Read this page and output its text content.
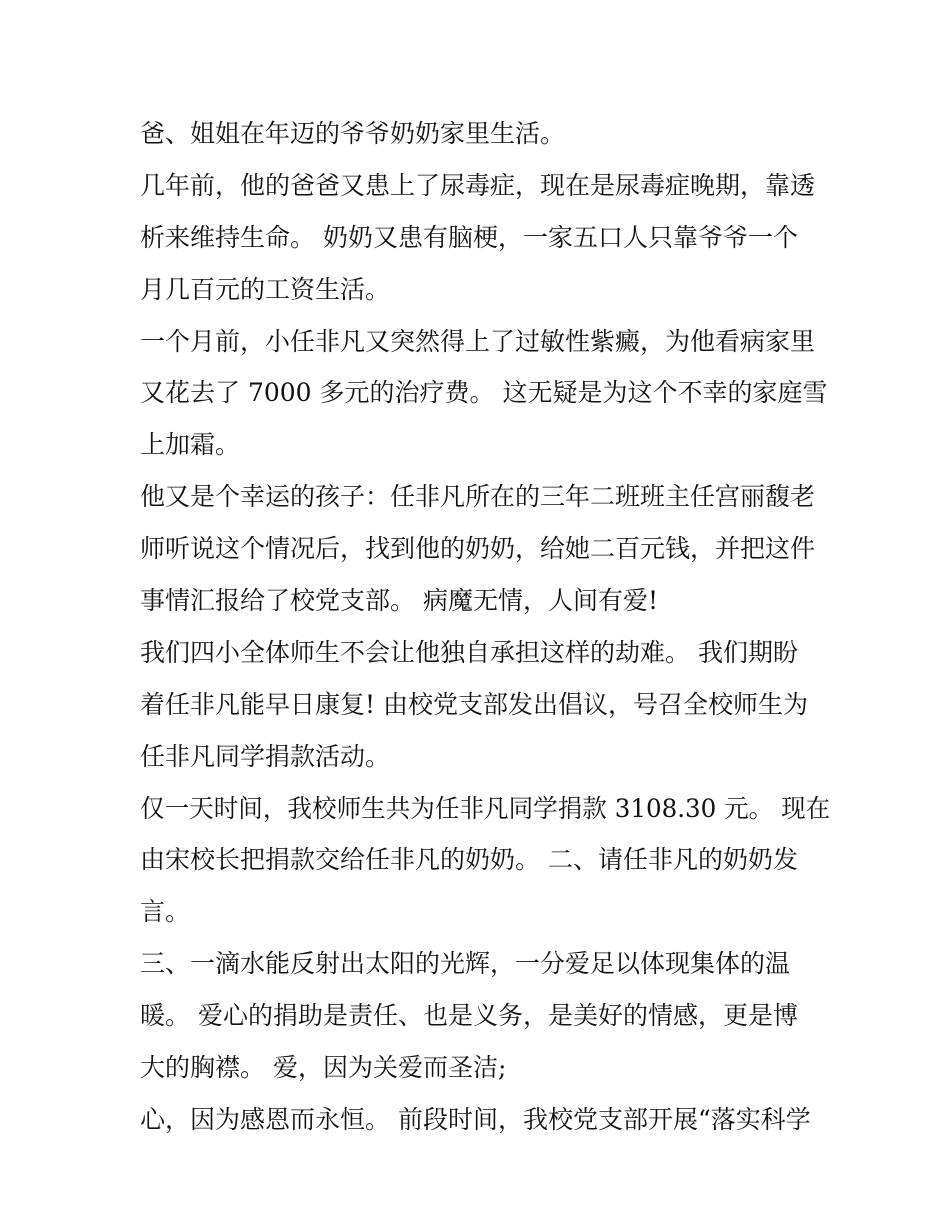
爸、姐姐在年迈的爷爷奶奶家里生活。
几年前，他的爸爸又患上了尿毒症，现在是尿毒症晚期，靠透
析来维持生命。 奶奶又患有脑梗，一家五口人只靠爷爷一个
月几百元的工资生活。
一个月前，小任非凡又突然得上了过敏性紫癜，为他看病家里
又花去了 7000 多元的治疗费。 这无疑是为这个不幸的家庭雪
上加霜。
他又是个幸运的孩子：任非凡所在的三年二班班主任宫丽馥老
师听说这个情况后，找到他的奶奶，给她二百元钱，并把这件
事情汇报给了校党支部。 病魔无情，人间有爱!
我们四小全体师生不会让他独自承担这样的劫难。 我们期盼
着任非凡能早日康复! 由校党支部发出倡议，号召全校师生为
任非凡同学捐款活动。
仅一天时间，我校师生共为任非凡同学捐款 3108.30 元。 现在
由宋校长把捐款交给任非凡的奶奶。 二、请任非凡的奶奶发
言。
三、一滴水能反射出太阳的光辉，一分爱足以体现集体的温
暖。 爱心的捐助是责任、也是义务，是美好的情感，更是博
大的胸襟。 爱，因为关爱而圣洁;
心，因为感恩而永恒。 前段时间，我校党支部开展“落实科学
